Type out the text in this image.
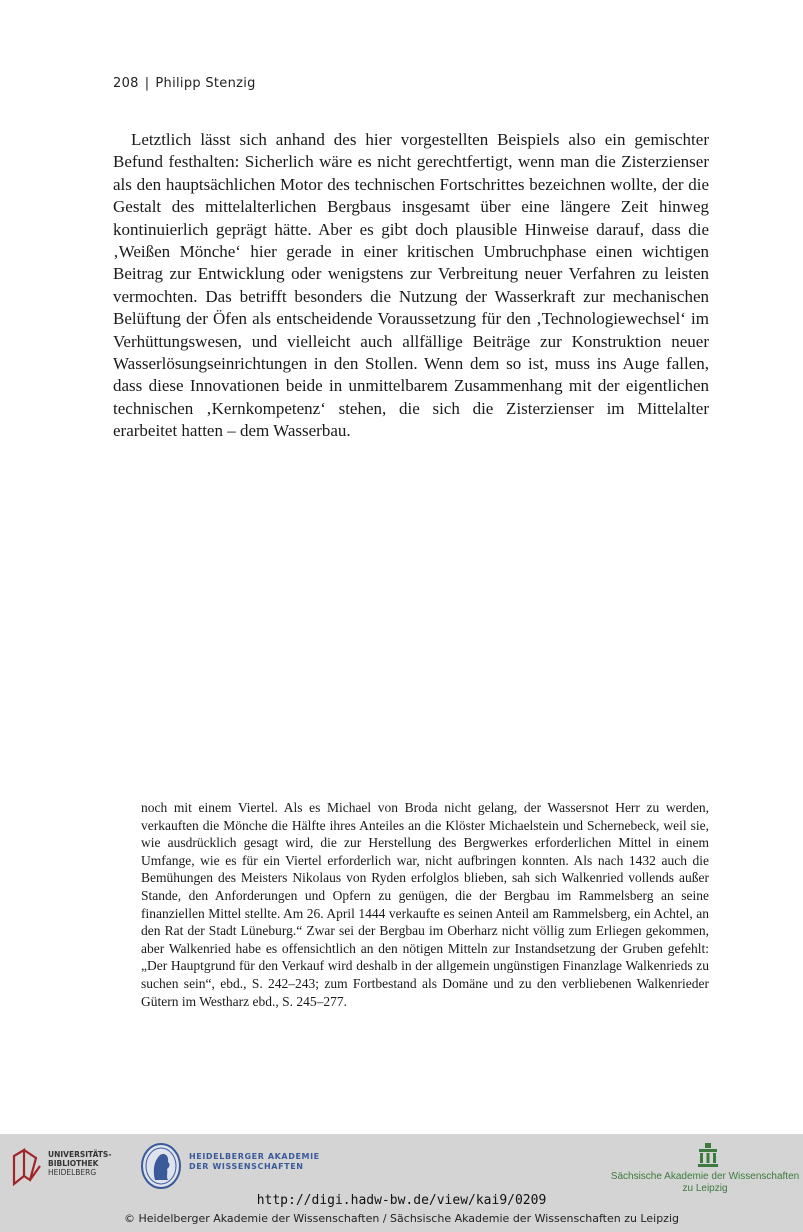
208 | Philipp Stenzig

Letztlich lässt sich anhand des hier vorgestellten Beispiels also ein gemischter Befund festhalten: Sicherlich wäre es nicht gerechtfertigt, wenn man die Zisterzienser als den hauptsächlichen Motor des technischen Fortschrittes bezeichnen wollte, der die Gestalt des mittelalterlichen Bergbaus insgesamt über eine längere Zeit hinweg kontinuierlich geprägt hätte. Aber es gibt doch plausible Hinweise darauf, dass die ‚Weißen Mönche‘ hier gerade in einer kritischen Umbruchphase einen wichtigen Beitrag zur Entwicklung oder wenigstens zur Verbreitung neuer Verfahren zu leisten vermochten. Das betrifft besonders die Nutzung der Wasserkraft zur mechanischen Belüftung der Öfen als entscheidende Voraussetzung für den ‚Technologiewechsel‘ im Verhüttungswesen, und vielleicht auch allfällige Beiträge zur Konstruktion neuer Wasserlösungseinrichtungen in den Stollen. Wenn dem so ist, muss ins Auge fallen, dass diese Innovationen beide in unmittelbarem Zusammenhang mit der eigentlichen technischen ‚Kernkompetenz‘ stehen, die sich die Zisterzienser im Mittelalter erarbeitet hatten – dem Wasserbau.

noch mit einem Viertel. Als es Michael von Broda nicht gelang, der Wassersnot Herr zu werden, verkauften die Mönche die Hälfte ihres Anteiles an die Klöster Michaelstein und Schernebeck, weil sie, wie ausdrücklich gesagt wird, die zur Herstellung des Bergwerkes erforderlichen Mittel in einem Umfange, wie es für ein Viertel erforderlich war, nicht aufbringen konnten. Als nach 1432 auch die Bemühungen des Meisters Nikolaus von Ryden erfolglos blieben, sah sich Walkenried vollends außer Stande, den Anforderungen und Opfern zu genügen, die der Bergbau im Rammelsberg an seine finanziellen Mittel stellte. Am 26. April 1444 verkaufte es seinen Anteil am Rammelsberg, ein Achtel, an den Rat der Stadt Lüneburg.“ Zwar sei der Bergbau im Oberharz nicht völlig zum Erliegen gekommen, aber Walkenried habe es offensichtlich an den nötigen Mitteln zur Instandsetzung der Gruben gefehlt: „Der Hauptgrund für den Verkauf wird deshalb in der allgemein ungünstigen Finanzlage Walkenrieds zu suchen sein“, ebd., S. 242–243; zum Fortbestand als Domäne und zu den verbliebenen Walkenrieder Gütern im Westharz ebd., S. 245–277.

UNIVERSITÄTS-
BIBLIOTHEK
HEIDELBERG
HEIDELBERGER AKADEMIE
DER WISSENSCHAFTEN
Sächsische Akademie der Wissenschaften
zu Leipzig
http://digi.hadw-bw.de/view/kai9/0209
© Heidelberger Akademie der Wissenschaften / Sächsische Akademie der Wissenschaften zu Leipzig
